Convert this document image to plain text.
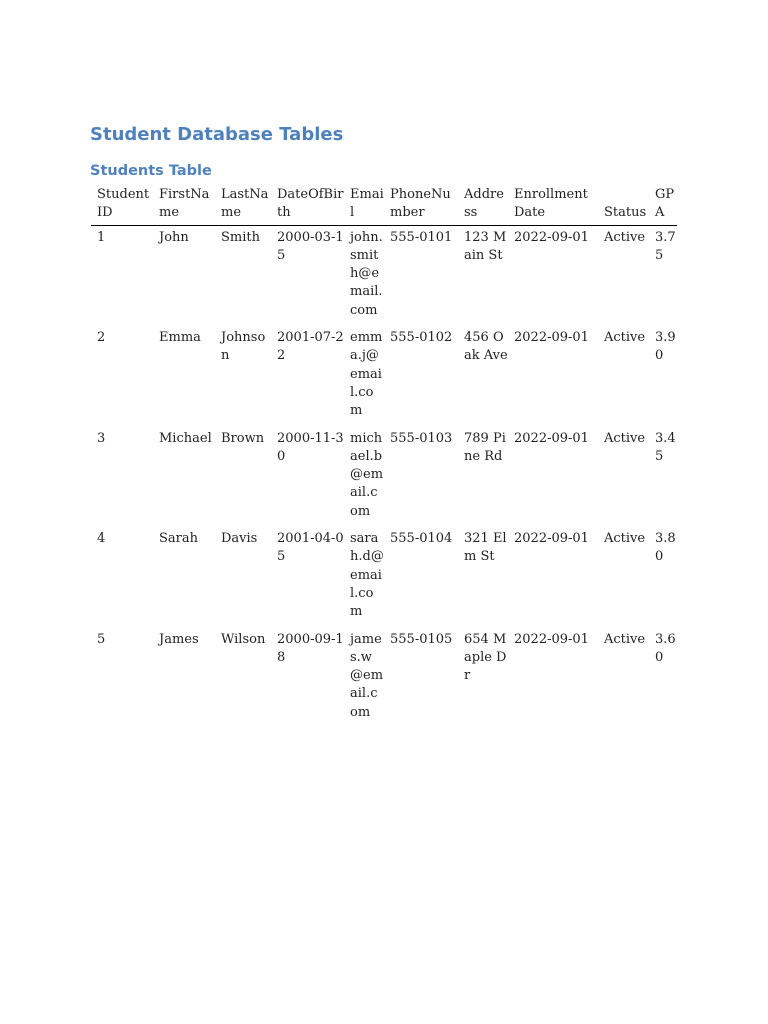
Student Database Tables
Students Table
StudentID	FirstName	LastName	DateOfBirth	Email	PhoneNumber	Address	EnrollmentDate	Status	GPA
1	John	Smith	2000-03-15	john.smith@email.com	555-0101	123 Main St	2022-09-01	Active	3.75
2	Emma	Johnson	2001-07-22	emma.j@email.com	555-0102	456 Oak Ave	2022-09-01	Active	3.90
3	Michael	Brown	2000-11-30	michael.b@email.com	555-0103	789 Pine Rd	2022-09-01	Active	3.45
4	Sarah	Davis	2001-04-05	sarah.d@email.com	555-0104	321 Elm St	2022-09-01	Active	3.80
5	James	Wilson	2000-09-18	james.w@email.com	555-0105	654 Maple Dr	2022-09-01	Active	3.60
